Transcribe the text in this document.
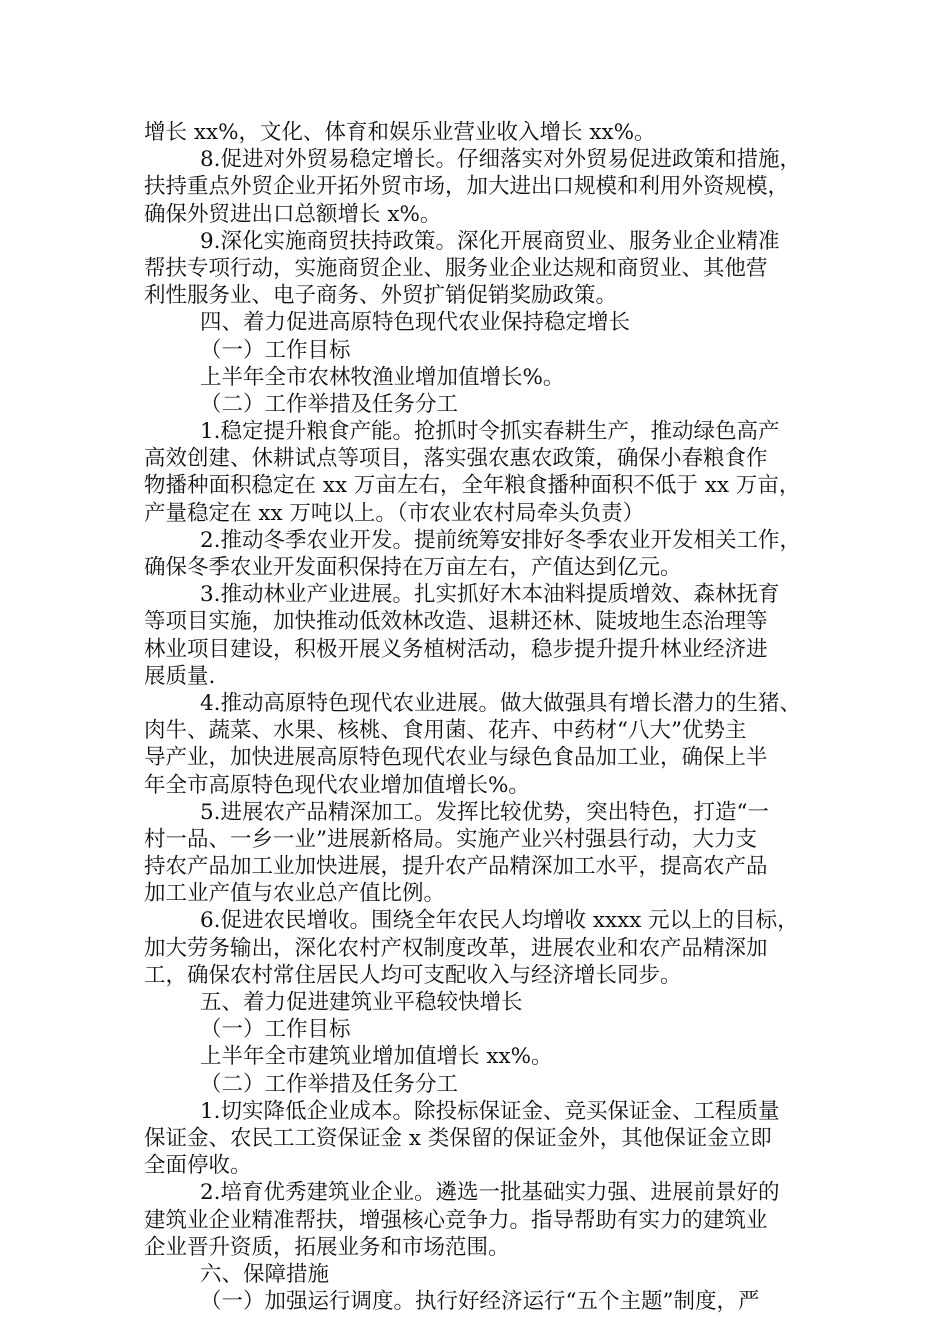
增长 xx%，文化、体育和娱乐业营业收入增长 xx%。
8.促进对外贸易稳定增长。仔细落实对外贸易促进政策和措施，
扶持重点外贸企业开拓外贸市场，加大进出口规模和利用外资规模，
确保外贸进出口总额增长 x%。
9.深化实施商贸扶持政策。深化开展商贸业、服务业企业精准
帮扶专项行动，实施商贸企业、服务业企业达规和商贸业、其他营
利性服务业、电子商务、外贸扩销促销奖励政策。
四、着力促进高原特色现代农业保持稳定增长
（一）工作目标
上半年全市农林牧渔业增加值增长%。
（二）工作举措及任务分工
1.稳定提升粮食产能。抢抓时令抓实春耕生产，推动绿色高产
高效创建、休耕试点等项目，落实强农惠农政策，确保小春粮食作
物播种面积稳定在 xx 万亩左右，全年粮食播种面积不低于 xx 万亩，
产量稳定在 xx 万吨以上。（市农业农村局牵头负责）
2.推动冬季农业开发。提前统筹安排好冬季农业开发相关工作，
确保冬季农业开发面积保持在万亩左右，产值达到亿元。
3.推动林业产业进展。扎实抓好木本油料提质增效、森林抚育
等项目实施，加快推动低效林改造、退耕还林、陡坡地生态治理等
林业项目建设，积极开展义务植树活动，稳步提升提升林业经济进
展质量.
4.推动高原特色现代农业进展。做大做强具有增长潜力的生猪、
肉牛、蔬菜、水果、核桃、食用菌、花卉、中药材“八大”优势主
导产业，加快进展高原特色现代农业与绿色食品加工业，确保上半
年全市高原特色现代农业增加值增长%。
5.进展农产品精深加工。发挥比较优势，突出特色，打造“一
村一品、一乡一业”进展新格局。实施产业兴村强县行动，大力支
持农产品加工业加快进展，提升农产品精深加工水平，提高农产品
加工业产值与农业总产值比例。
6.促进农民增收。围绕全年农民人均增收 xxxx 元以上的目标，
加大劳务输出，深化农村产权制度改革，进展农业和农产品精深加
工，确保农村常住居民人均可支配收入与经济增长同步。
五、着力促进建筑业平稳较快增长
（一）工作目标
上半年全市建筑业增加值增长 xx%。
（二）工作举措及任务分工
1.切实降低企业成本。除投标保证金、竞买保证金、工程质量
保证金、农民工工资保证金 x 类保留的保证金外，其他保证金立即
全面停收。
2.培育优秀建筑业企业。遴选一批基础实力强、进展前景好的
建筑业企业精准帮扶，增强核心竞争力。指导帮助有实力的建筑业
企业晋升资质，拓展业务和市场范围。
六、保障措施
（一）加强运行调度。执行好经济运行“五个主题”制度，严
